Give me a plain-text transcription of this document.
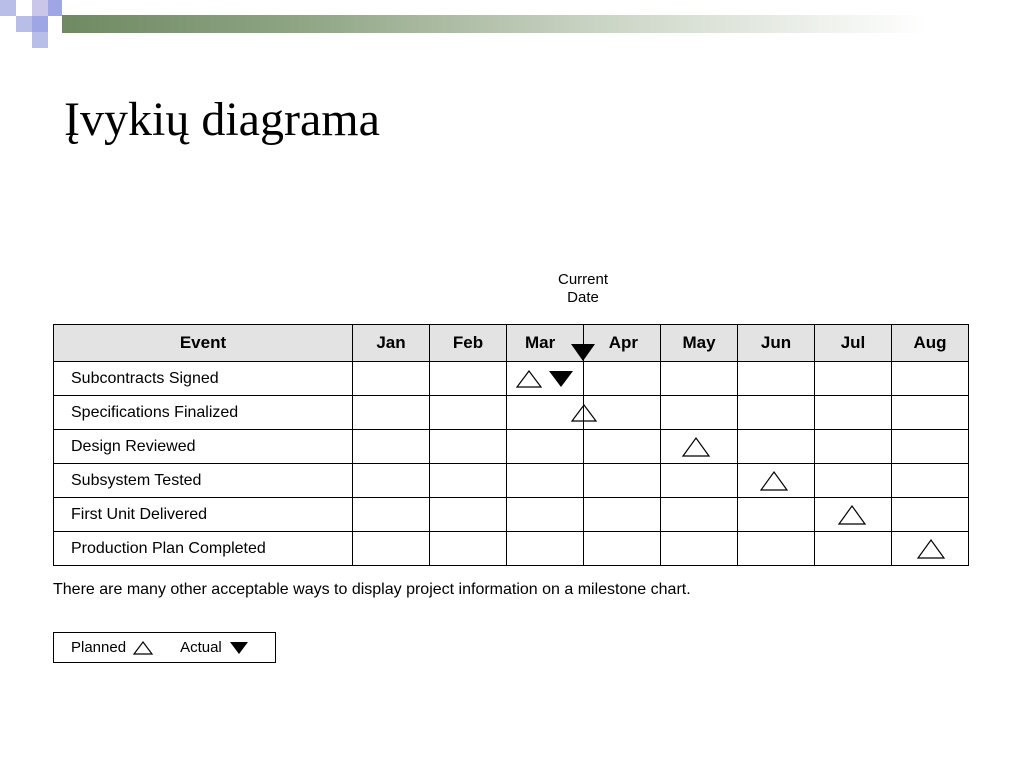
Įvykių diagrama
Current Date
Event	Jan	Feb	Mar	Apr	May	Jun	Jul	Aug
Subcontracts Signed			

Specifications Finalized			

Design Reviewed					

Subsystem Tested						

First Unit Delivered							

Production Plan Completed								
There are many other acceptable ways to display project information on a milestone chart.
Planned	Actual
